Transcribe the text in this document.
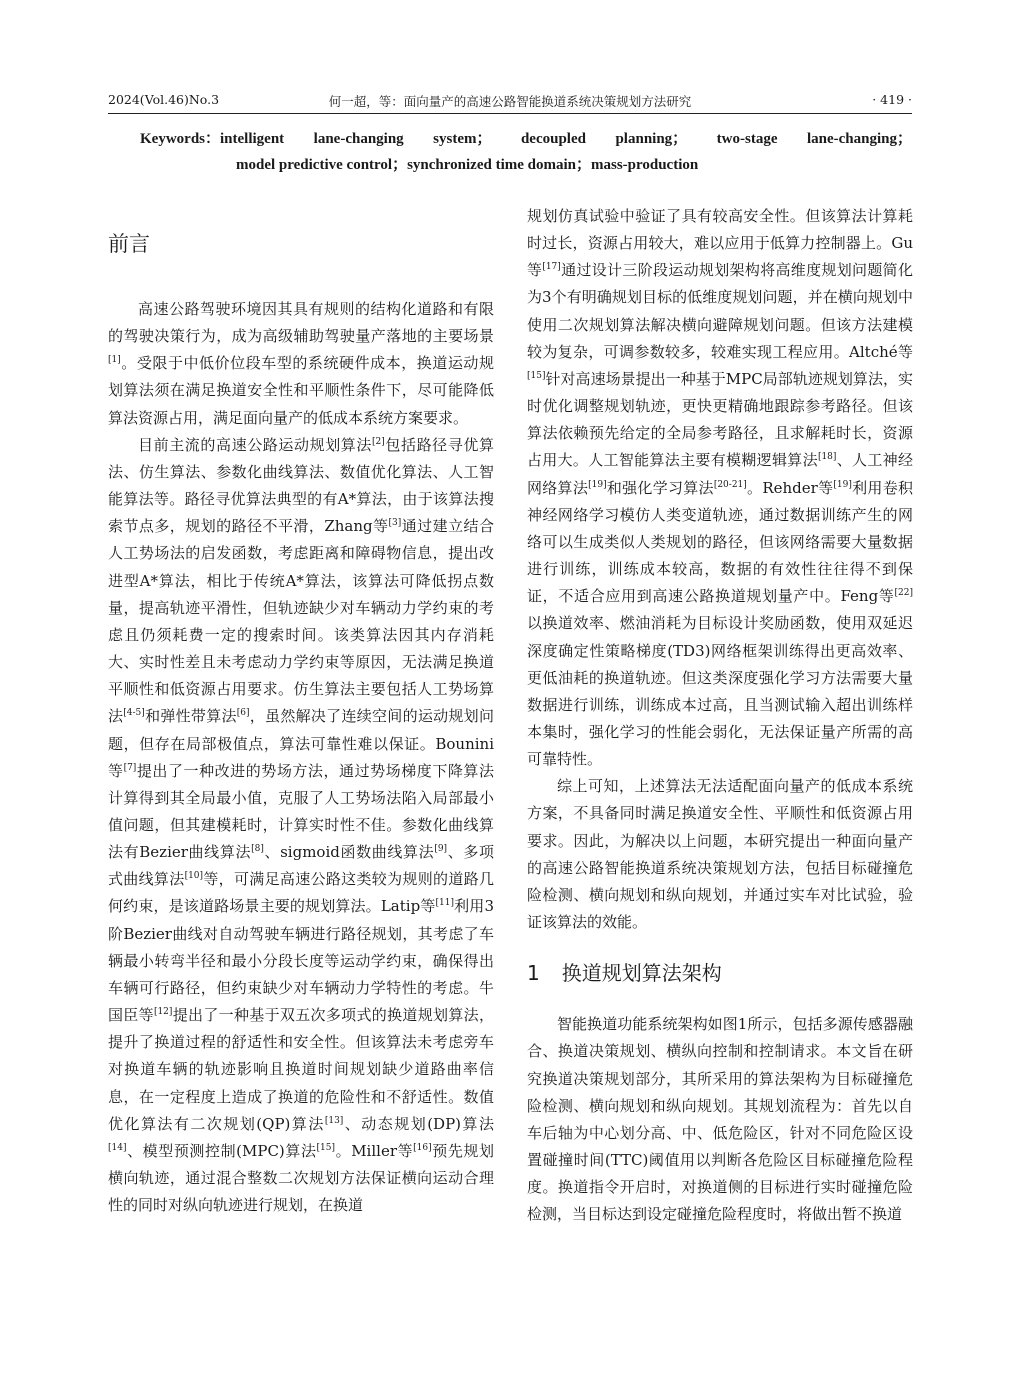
2024(Vol.46)No.3	何一超，等：面向量产的高速公路智能换道系统决策规划方法研究	· 419 ·
Keywords：intelligent lane-changing system； decoupled planning； two-stage lane-changing；
model predictive control；synchronized time domain；mass-production
前言

高速公路驾驶环境因其具有规则的结构化道路和有限的驾驶决策行为，成为高级辅助驾驶量产落地的主要场景[1]。受限于中低价位段车型的系统硬件成本，换道运动规划算法须在满足换道安全性和平顺性条件下，尽可能降低算法资源占用，满足面向量产的低成本系统方案要求。

目前主流的高速公路运动规划算法[2]包括路径寻优算法、仿生算法、参数化曲线算法、数值优化算法、人工智能算法等。路径寻优算法典型的有A*算法，由于该算法搜索节点多，规划的路径不平滑，Zhang等[3]通过建立结合人工势场法的启发函数，考虑距离和障碍物信息，提出改进型A*算法，相比于传统A*算法，该算法可降低拐点数量，提高轨迹平滑性，但轨迹缺少对车辆动力学约束的考虑且仍须耗费一定的搜索时间。该类算法因其内存消耗大、实时性差且未考虑动力学约束等原因，无法满足换道平顺性和低资源占用要求。仿生算法主要包括人工势场算法[4-5]和弹性带算法[6]，虽然解决了连续空间的运动规划问题，但存在局部极值点，算法可靠性难以保证。Bounini等[7]提出了一种改进的势场方法，通过势场梯度下降算法计算得到其全局最小值，克服了人工势场法陷入局部最小值问题，但其建模耗时，计算实时性不佳。参数化曲线算法有Bezier曲线算法[8]、sigmoid函数曲线算法[9]、多项式曲线算法[10]等，可满足高速公路这类较为规则的道路几何约束，是该道路场景主要的规划算法。Latip等[11]利用3阶Bezier曲线对自动驾驶车辆进行路径规划，其考虑了车辆最小转弯半径和最小分段长度等运动学约束，确保得出车辆可行路径，但约束缺少对车辆动力学特性的考虑。牛国臣等[12]提出了一种基于双五次多项式的换道规划算法，提升了换道过程的舒适性和安全性。但该算法未考虑旁车对换道车辆的轨迹影响且换道时间规划缺少道路曲率信息，在一定程度上造成了换道的危险性和不舒适性。数值优化算法有二次规划(QP)算法[13]、动态规划(DP)算法[14]、模型预测控制(MPC)算法[15]。Miller等[16]预先规划横向轨迹，通过混合整数二次规划方法保证横向运动合理性的同时对纵向轨迹进行规划，在换道

规划仿真试验中验证了具有较高安全性。但该算法计算耗时过长，资源占用较大，难以应用于低算力控制器上。Gu等[17]通过设计三阶段运动规划架构将高维度规划问题简化为3个有明确规划目标的低维度规划问题，并在横向规划中使用二次规划算法解决横向避障规划问题。但该方法建模较为复杂，可调参数较多，较难实现工程应用。Altché等[15]针对高速场景提出一种基于MPC局部轨迹规划算法，实时优化调整规划轨迹，更快更精确地跟踪参考路径。但该算法依赖预先给定的全局参考路径，且求解耗时长，资源占用大。人工智能算法主要有模糊逻辑算法[18]、人工神经网络算法[19]和强化学习算法[20-21]。Rehder等[19]利用卷积神经网络学习模仿人类变道轨迹，通过数据训练产生的网络可以生成类似人类规划的路径，但该网络需要大量数据进行训练，训练成本较高，数据的有效性往往得不到保证，不适合应用到高速公路换道规划量产中。Feng等[22]以换道效率、燃油消耗为目标设计奖励函数，使用双延迟深度确定性策略梯度(TD3)网络框架训练得出更高效率、更低油耗的换道轨迹。但这类深度强化学习方法需要大量数据进行训练，训练成本过高，且当测试输入超出训练样本集时，强化学习的性能会弱化，无法保证量产所需的高可靠特性。

综上可知，上述算法无法适配面向量产的低成本系统方案，不具备同时满足换道安全性、平顺性和低资源占用要求。因此，为解决以上问题，本研究提出一种面向量产的高速公路智能换道系统决策规划方法，包括目标碰撞危险检测、横向规划和纵向规划，并通过实车对比试验，验证该算法的效能。

1 换道规划算法架构

智能换道功能系统架构如图1所示，包括多源传感器融合、换道决策规划、横纵向控制和控制请求。本文旨在研究换道决策规划部分，其所采用的算法架构为目标碰撞危险检测、横向规划和纵向规划。其规划流程为：首先以自车后轴为中心划分高、中、低危险区，针对不同危险区设置碰撞时间(TTC)阈值用以判断各危险区目标碰撞危险程度。换道指令开启时，对换道侧的目标进行实时碰撞危险检测，当目标达到设定碰撞危险程度时，将做出暂不换道
